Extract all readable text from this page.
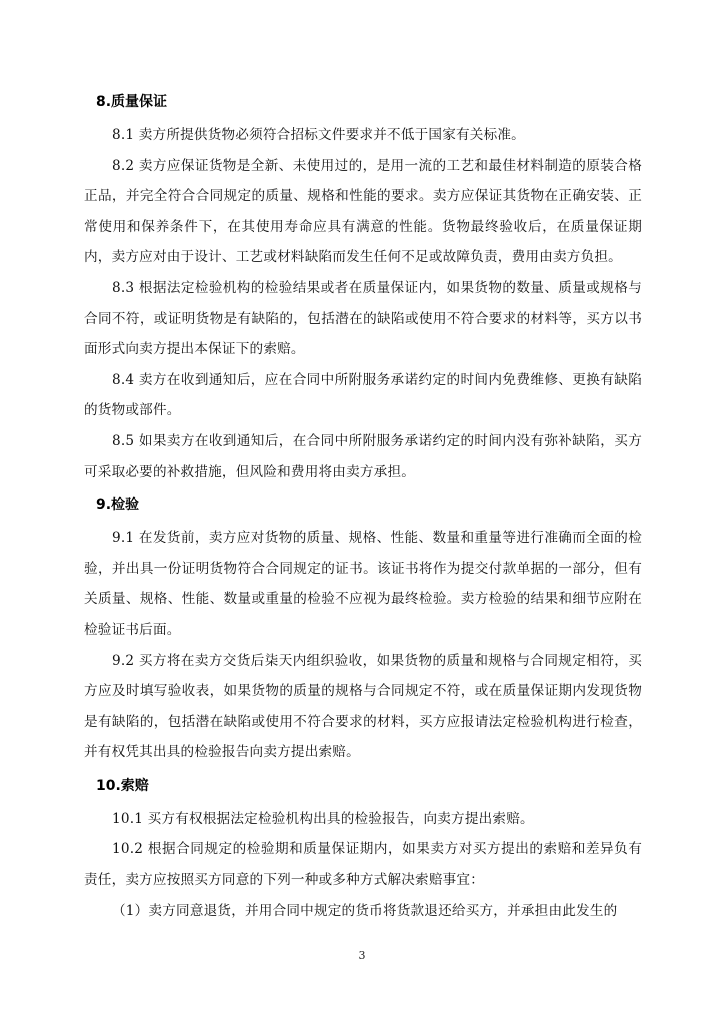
8.质量保证

8.1 卖方所提供货物必须符合招标文件要求并不低于国家有关标准。

8.2 卖方应保证货物是全新、未使用过的，是用一流的工艺和最佳材料制造的原装合格正品，并完全符合合同规定的质量、规格和性能的要求。卖方应保证其货物在正确安装、正常使用和保养条件下，在其使用寿命应具有满意的性能。货物最终验收后，在质量保证期内，卖方应对由于设计、工艺或材料缺陷而发生任何不足或故障负责，费用由卖方负担。

8.3 根据法定检验机构的检验结果或者在质量保证内，如果货物的数量、质量或规格与合同不符，或证明货物是有缺陷的，包括潜在的缺陷或使用不符合要求的材料等，买方以书面形式向卖方提出本保证下的索赔。

8.4 卖方在收到通知后，应在合同中所附服务承诺约定的时间内免费维修、更换有缺陷的货物或部件。

8.5 如果卖方在收到通知后，在合同中所附服务承诺约定的时间内没有弥补缺陷，买方可采取必要的补救措施，但风险和费用将由卖方承担。

9.检验

9.1 在发货前，卖方应对货物的质量、规格、性能、数量和重量等进行准确而全面的检验，并出具一份证明货物符合合同规定的证书。该证书将作为提交付款单据的一部分，但有关质量、规格、性能、数量或重量的检验不应视为最终检验。卖方检验的结果和细节应附在检验证书后面。

9.2 买方将在卖方交货后柒天内组织验收，如果货物的质量和规格与合同规定相符，买方应及时填写验收表，如果货物的质量的规格与合同规定不符，或在质量保证期内发现货物是有缺陷的，包括潜在缺陷或使用不符合要求的材料，买方应报请法定检验机构进行检查，并有权凭其出具的检验报告向卖方提出索赔。

10.索赔

10.1 买方有权根据法定检验机构出具的检验报告，向卖方提出索赔。

10.2 根据合同规定的检验期和质量保证期内，如果卖方对买方提出的索赔和差异负有责任，卖方应按照买方同意的下列一种或多种方式解决索赔事宜：

（1）卖方同意退货，并用合同中规定的货币将货款退还给买方，并承担由此发生的

3
